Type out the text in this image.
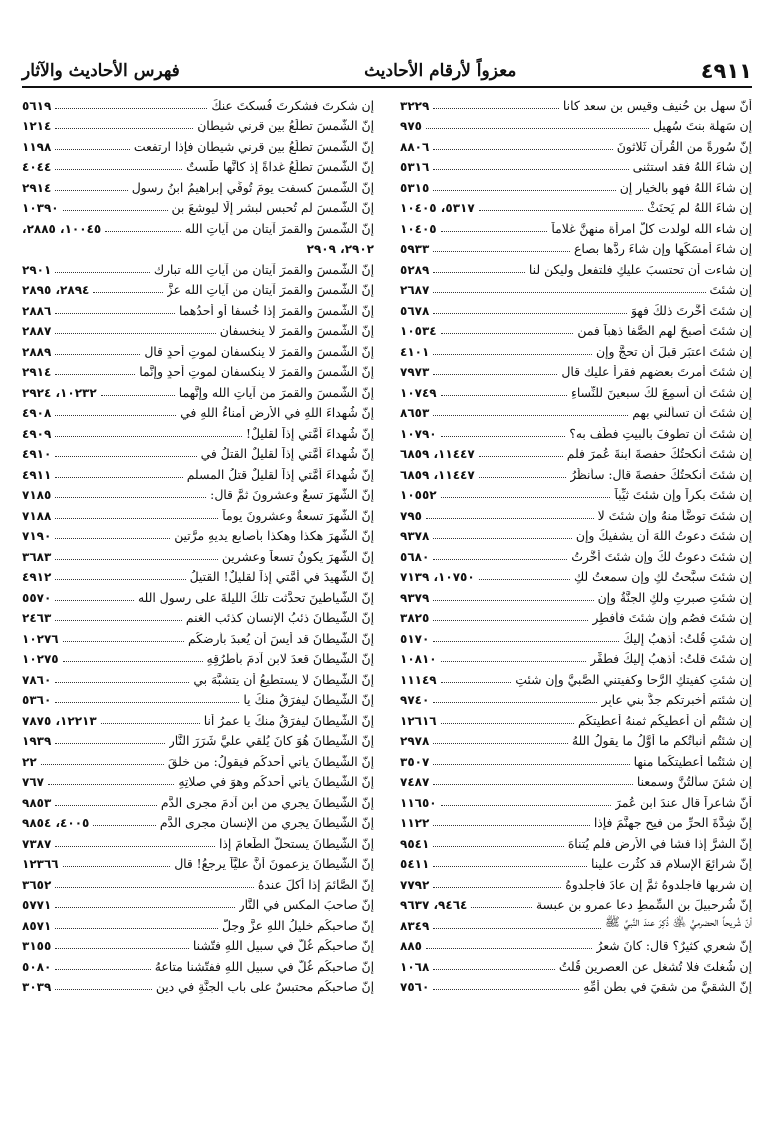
٤٩١١
معزواً لأرقام الأحاديث
فهرس الأحاديث والآثار
أنّ سهل بن حُنيف وقيس بن سعد كانا
٣٢٢٩
إن سَهلة بنتَ سُهيلٍ
٩٧٥
إنّ سُورةً من القُرآنِ ثَلاثونَ
٨٨٠٦
إن شاءَ اللهُ فقد استثنى
٥٣١٦
إن شاءَ اللهُ فهو بالخيار إن
٥٣١٥
إن شاءَ اللهُ لم يَحنَثْ
٥٣١٧، ١٠٤٠٥
إن شاء الله لولدت كلُّ امرأة منهنَّ غلاماً
١٠٤٠٥
إن شاءَ أمسَكَها وإن شاءَ ردَّها بصاعٍ
٥٩٣٣
إن شاءت أن تحتسبَ عليكِ فلتفعل وليكن لنا
٥٢٨٩
إن شئتَ
٢٦٨٧
إن شئتَ أخَّرتَ ذلكَ فهوَ
٥٦٧٨
إن شئتَ أصبحَ لهم الصَّفا ذهباً فمن
١٠٥٣٤
إن شئتَ اعتبَر قبلَ أن تحجَّ وإن
٤١٠١
إن شئتَ أمرتَ بعضهم فقرأ عليك قال
٧٩٧٣
إن شئتَ أن أسمِعَ لكَ سبعينَ للنِّساءِ
١٠٧٤٩
إن شئتَ أن تسأَلني بهم
٨٦٥٣
إن شئتَ أن تطوفَ بالبيتِ فطُف به؟
١٠٧٩٠
إن شئتَ أنكحتُكَ حفصةَ ابنةَ عُمرَ فلم
١١٤٤٧، ٦٨٥٩
إن شئتَ أنكحتُكَ حفصةَ قال: سأنظُرُ
١١٤٤٧، ٦٨٥٩
إن شئتَ بكراً وإن شئتَ ثيِّباً
١٠٥٥٢
إن شئتَ توضَّأ منهُ وإن شئتَ لا
٧٩٥
إن شئتَ دعوتُ اللهَ أن يشفيكَ وإن
٩٣٧٨
إن شئتَ دعوتُ لكَ وإن شئتَ أخَّرتُ
٥٦٨٠
إن شئتَ سبَّحتُ لكِ وإن سمعتُ لكِ
١٠٧٥٠، ٧١٣٩
إن شئتِ صبرتِ ولكِ الجنَّةُ وإن
٩٣٧٩
إن شئتَ فصُم وإن شئتَ فأفطِر
٣٨٢٥
إن شئتِ قُلتُ: أذهبُ إليكَ
٥١٧٠
إن شئتَ قلتُ: أذهبُ إليكَ فطفِّر
١٠٨١٠
إن شئتِ كفيتكِ الرَّحا وكفيتني الصَّبيَّ وإن شئتِ
١١١٤٩
إن شئتم أخبرتكم جدُّ بني عابِرٍ
٩٧٤٠
إن شئتُم أن أُعطيكُم ثمنهُ أعطيتكُم
١٢٦١٦
إن شئتُم أنبأتُكم ما أوَّلُ ما يقولُ اللهُ
٢٩٧٨
إن شئتُما أعطيتكُما منها
٣٥٠٧
إن شئنَ سألتُنَّ وسمعنا
٧٤٨٧
أنّ شاعراً قال عندَ ابن عُمرَ
١١٦٥٠
إنّ شِدَّةَ الحرِّ من فيحِ جهنَّمَ فإذا
١١٢٢
إنّ الشرَّ إذا فشا في الأرض فلم يُتناهَ
٩٥٤١
إنّ شرائعَ الإسلامِ قد كثُرت علينا
٥٤١١
إن شربها فاجلدوهُ ثمَّ إن عادَ فاجلدوهُ
٧٧٩٢
إنّ شُرحبيلَ بن السِّمطِ دعا عمرو بن عبسة
٩٤٦٤، ٩٦٣٧
أنّ شُريحاً الحضرميَّ ﵁ ذُكِرَ عندَ النَّبيِّ ﷺ
٨٣٤٩
إنّ شعري كثيرٌ؟ قال: كانَ شعرُ
٨٨٥
إن شُغلتَ فلا تُشغل عن العصرينِ قُلتُ
١٠٦٨
إنّ الشقيَّ من شقيَ في بطنِ أمِّهِ
٧٥٦٠
إن شكرتَ فشكرتَ فُسكتَ عنكَ
٥٦١٩
إنّ الشَّمسَ تطلُعُ بين قرني شيطانٍ
١٢١٤
إنّ الشَّمسَ تطلُعُ بين قرني شيطان فإذا ارتفعت
١١٩٨
إنّ الشَّمسَ تطلُعُ غداةً إذ كأنَّها طَستٌ
٤٠٤٤
إنّ الشَّمسَ كسفت يومَ تُوفِّي إبراهيمُ ابنُ رسولِ
٢٩١٤
إنّ الشَّمسَ لم تُحبس لبشرٍ إلّا ليوشعَ بنِ
١٠٣٩٠
إنّ الشَّمسَ والقمرَ آيتانِ من آياتِ الله
١٠٠٤٥، ٢٨٨٥،
٢٩٠٢، ٢٩٠٩
إنّ الشَّمسَ والقمرَ آيتانِ من آياتِ الله تبارك
٢٩٠١
إنّ الشَّمسَ والقمرَ آيتانِ من آياتِ الله عزَّ
٢٨٩٤، ٢٨٩٥
إنّ الشَّمسَ والقمرَ إذا خُسفا أو أحدُهما
٢٨٨٦
إنّ الشَّمسَ والقمرَ لا ينخسفانِ
٢٨٨٧
إنّ الشَّمسَ والقمرَ لا ينكسفانِ لموتِ أحدٍ قال
٢٨٨٩
إنّ الشَّمسَ والقمرَ لا ينكسفانِ لموتِ أحدٍ وإنَّما
٢٩١٤
إنّ الشَّمسَ والقمرَ من آياتِ الله وإنَّهما
١٠٢٣٢، ٢٩٢٤
إنّ شُهداءَ اللهِ في الأرضِ أمناءُ اللهِ في
٤٩٠٨
إنّ شُهداءَ أمَّتي إذاً لقليلٌ!
٤٩٠٩
إنّ شُهداءَ أمَّتي إذاً لقليلٌ القتلُ في
٤٩١٠
إنّ شُهداءَ أمَّتي إذاً لقليلٌ قتلُ المسلمِ
٤٩١١
إنّ الشَّهرَ تسعٌ وعشرونَ ثمَّ قال:
٧١٨٥
إنّ الشَّهرَ تسعةٌ وعشرونَ يوماً
٧١٨٨
إنّ الشَّهرَ هكذا وهكذا بأصابعِ يديهِ مرَّتين
٧١٩٠
إنّ الشَّهرَ يكونُ تسعاً وعشرين
٣٦٨٣
إنّ الشَّهيدَ في أمَّتي إذاً لقليلٌ! القتيلُ
٤٩١٢
إنّ الشَّياطينَ تحدَّثت تلكَ الليلةَ على رسولِ الله
٥٥٧٠
إنّ الشَّيطانَ ذئبُ الإنسانِ كذئبِ الغنمِ
٢٤٦٣
إنّ الشَّيطانَ قد أيسَ أن يُعبدَ بأرضكُم
١٠٢٧٦
إنّ الشَّيطانَ قعدَ لابن آدمَ بأطرُقِهِ
١٠٢٧٥
إنّ الشَّيطانَ لا يستطيعُ أن يتشبَّهَ بي
٧٨٦٠
إنّ الشَّيطانَ ليفرَقُ منكَ يا
٥٣٦٠
إنّ الشَّيطانَ ليفرَقُ منكَ يا عمرُ أنا
١٢٢١٣، ٧٨٧٥
إنّ الشَّيطانَ هُوَ كانَ يُلقي عليَّ شَرَرَ النَّارِ
١٩٣٩
إنّ الشَّيطانَ يأتي أحدكُم فيقولُ: من خلقَ
٢٢
إنّ الشَّيطانَ يأتي أحدكُم وهوَ في صلاتِهِ
٧٦٧
إنّ الشَّيطانَ يجري من ابن آدمَ مجرى الدَّمِ
٩٨٥٣
إنّ الشَّيطانَ يجري من الإنسانِ مجرى الدَّمِ
٤٠٠٥، ٩٨٥٤
إنّ الشَّيطانَ يستحلُّ الطَّعامَ إذا
٧٣٨٧
إنّ الشَّيطانَ يزعمونَ أنَّ عليَّاً يرجعُ! قال
١٢٣٦٦
إنّ الصَّائمَ إذا أُكلَ عندهُ
٣٦٥٢
إنّ صاحبَ المكسِ في النَّارِ
٥٧٧١
إنّ صاحبكُم خليلُ اللهِ عزَّ وجلَّ
٨٥٧١
إنّ صاحبكُم غُلَّ في سبيلِ اللهِ فتّشنا
٣١٥٥
إنّ صاحبكُم غُلَّ في سبيلِ اللهِ ففتّشنا متاعهُ
٥٠٨٠
إنّ صاحبكُم محتبسٌ على بابِ الجنَّةِ في دينٍ
٣٠٣٩
